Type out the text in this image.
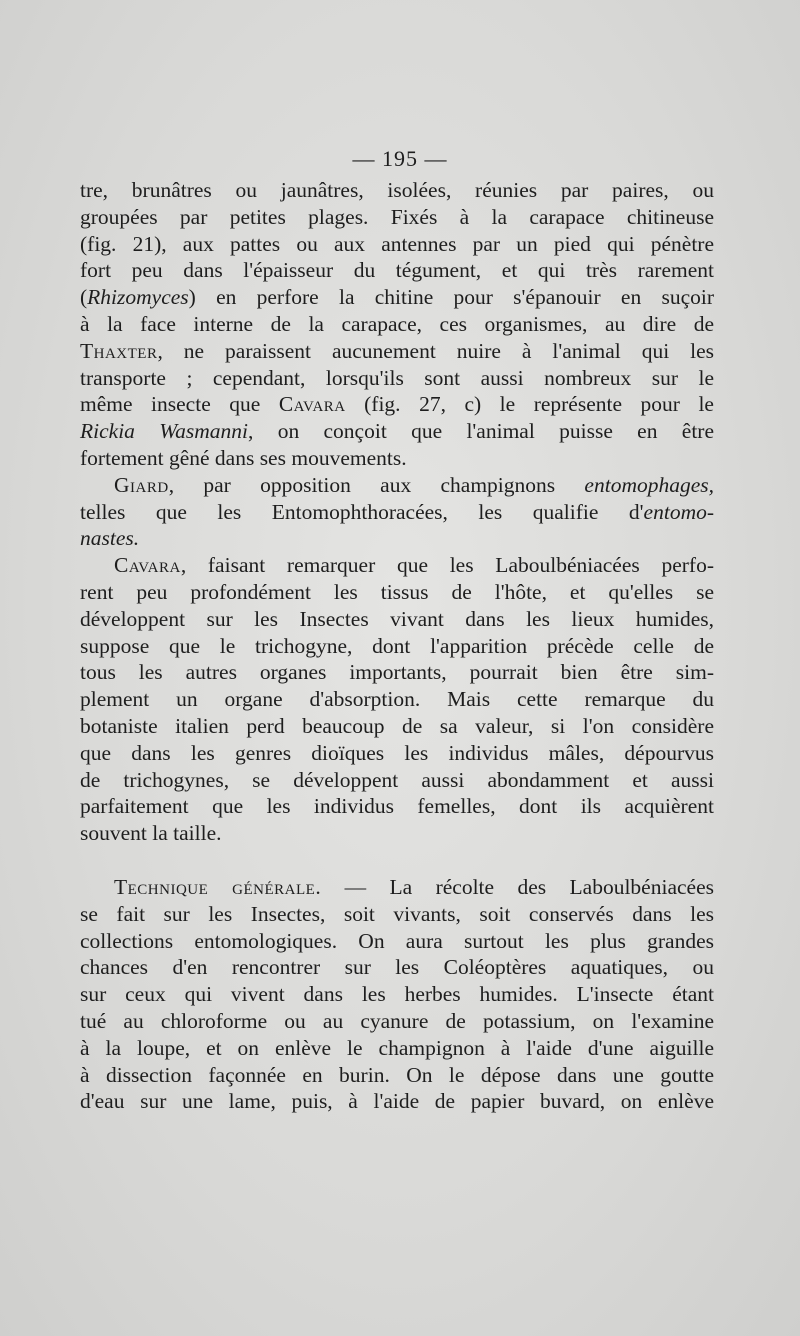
— 195 —
tre, brunâtres ou jaunâtres, isolées, réunies par paires, ou
groupées par petites plages. Fixés à la carapace chitineuse
(fig. 21), aux pattes ou aux antennes par un pied qui pénètre
fort peu dans l'épaisseur du tégument, et qui très rarement
(Rhizomyces) en perfore la chitine pour s'épanouir en suçoir
à la face interne de la carapace, ces organismes, au dire de
Thaxter, ne paraissent aucunement nuire à l'animal qui les
transporte ; cependant, lorsqu'ils sont aussi nombreux sur le
même insecte que Cavara (fig. 27, c) le représente pour le
Rickia Wasmanni, on conçoit que l'animal puisse en être
fortement gêné dans ses mouvements.
Giard, par opposition aux champignons entomophages,
telles que les Entomophthoracées, les qualifie d'entomo-
nastes.
Cavara, faisant remarquer que les Laboulbéniacées perfo-
rent peu profondément les tissus de l'hôte, et qu'elles se
développent sur les Insectes vivant dans les lieux humides,
suppose que le trichogyne, dont l'apparition précède celle de
tous les autres organes importants, pourrait bien être sim-
plement un organe d'absorption. Mais cette remarque du
botaniste italien perd beaucoup de sa valeur, si l'on considère
que dans les genres dioïques les individus mâles, dépourvus
de trichogynes, se développent aussi abondamment et aussi
parfaitement que les individus femelles, dont ils acquièrent
souvent la taille.
Technique générale. — La récolte des Laboulbéniacées
se fait sur les Insectes, soit vivants, soit conservés dans les
collections entomologiques. On aura surtout les plus grandes
chances d'en rencontrer sur les Coléoptères aquatiques, ou
sur ceux qui vivent dans les herbes humides. L'insecte étant
tué au chloroforme ou au cyanure de potassium, on l'examine
à la loupe, et on enlève le champignon à l'aide d'une aiguille
à dissection façonnée en burin. On le dépose dans une goutte
d'eau sur une lame, puis, à l'aide de papier buvard, on enlève
